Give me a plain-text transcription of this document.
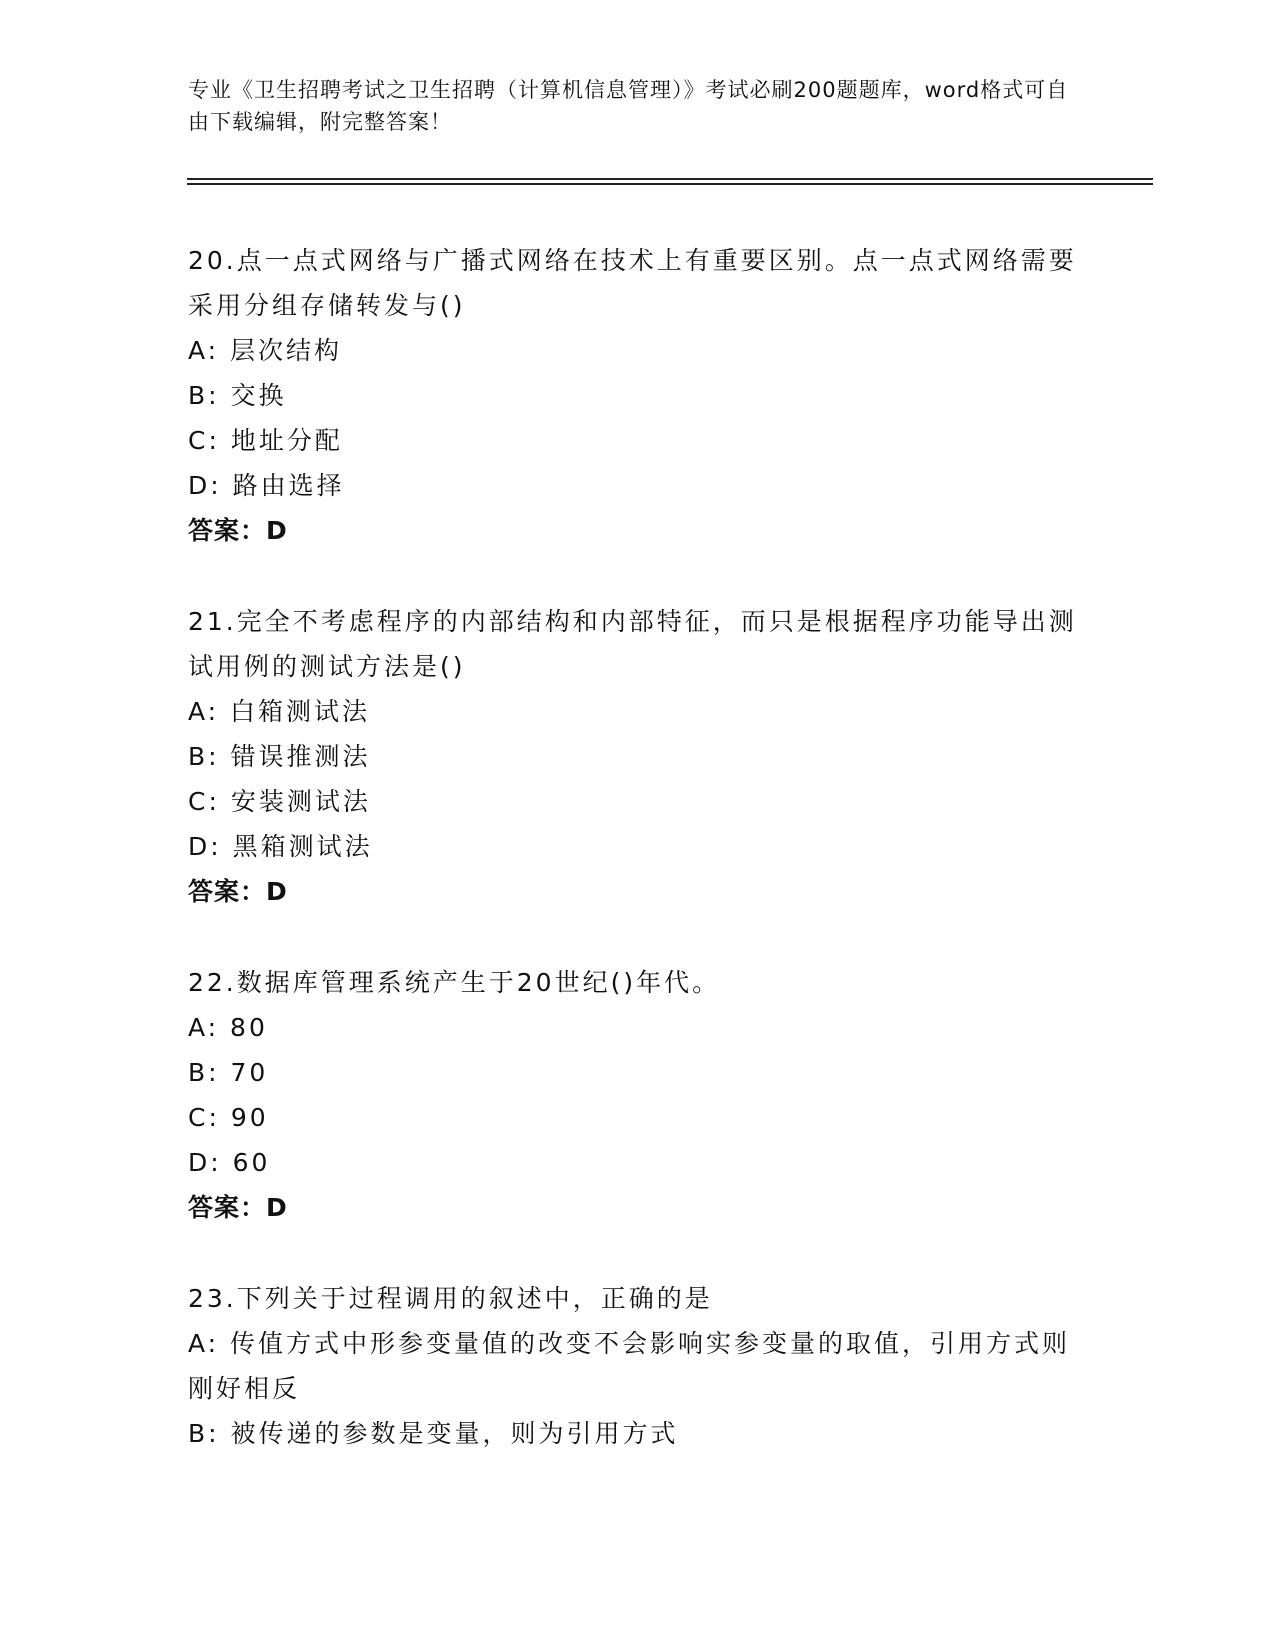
专业《卫生招聘考试之卫生招聘（计算机信息管理）》考试必刷200题题库，word格式可自由下载编辑，附完整答案！

20.点一点式网络与广播式网络在技术上有重要区别。点一点式网络需要采用分组存储转发与()

A: 层次结构

B: 交换

C: 地址分配

D: 路由选择

答案：D

21.完全不考虑程序的内部结构和内部特征，而只是根据程序功能导出测试用例的测试方法是()

A: 白箱测试法

B: 错误推测法

C: 安装测试法

D: 黑箱测试法

答案：D

22.数据库管理系统产生于20世纪()年代。

A: 80

B: 70

C: 90

D: 60

答案：D

23.下列关于过程调用的叙述中，正确的是

A: 传值方式中形参变量值的改变不会影响实参变量的取值，引用方式则刚好相反

B: 被传递的参数是变量，则为引用方式
